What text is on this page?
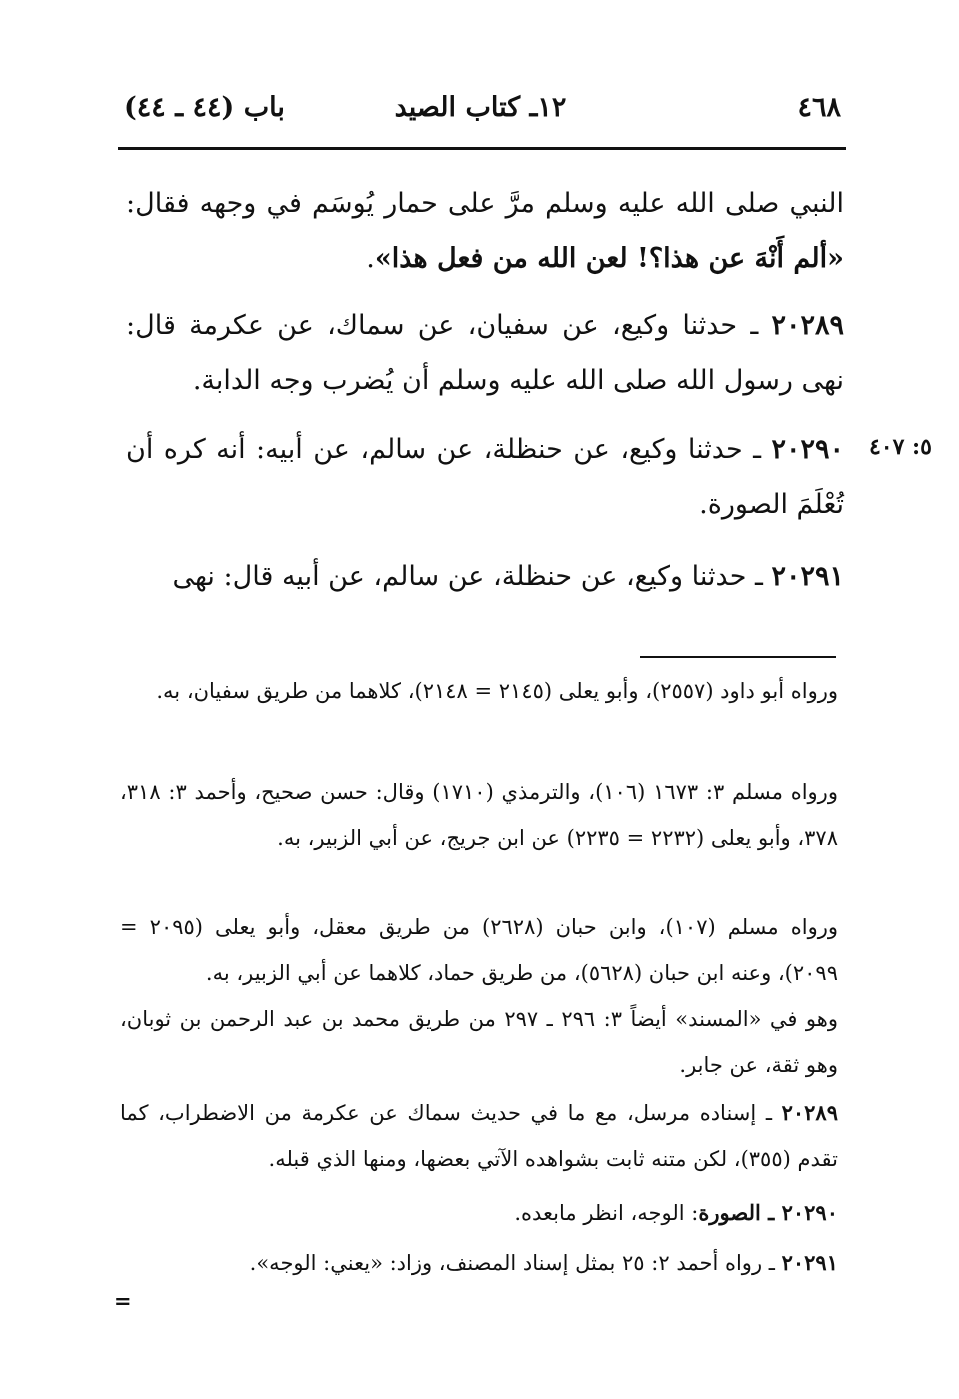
٤٦٨
١٢ـ كتاب الصيد
باب (٤٤ ـ ٤٤)

النبي صلى الله عليه وسلم مرَّ على حمار يُوسَم في وجهه فقال: «ألم أَنْهَ عن هذا؟! لعن الله من فعل هذا».

٢٠٢٨٩ ـ حدثنا وكيع، عن سفيان، عن سماك، عن عكرمة قال: نهى رسول الله صلى الله عليه وسلم أن يُضرب وجه الدابة.

٥: ٤٠٧

٢٠٢٩٠ ـ حدثنا وكيع، عن حنظلة، عن سالم، عن أبيه: أنه كره أن تُعْلَمَ الصورة.

٢٠٢٩١ ـ حدثنا وكيع، عن حنظلة، عن سالم، عن أبيه قال: نهى

ورواه أبو داود (٢٥٥٧)، وأبو يعلى (٢١٤٥ = ٢١٤٨)، كلاهما من طريق سفيان، به.

ورواه مسلم ٣: ١٦٧٣ (١٠٦)، والترمذي (١٧١٠) وقال: حسن صحيح، وأحمد ٣: ٣١٨، ٣٧٨، وأبو يعلى (٢٢٣٢ = ٢٢٣٥) عن ابن جريج، عن أبي الزبير، به.

ورواه مسلم (١٠٧)، وابن حبان (٢٦٢٨) من طريق معقل، وأبو يعلى (٢٠٩٥ = ٢٠٩٩)، وعنه ابن حبان (٥٦٢٨)، من طريق حماد، كلاهما عن أبي الزبير، به.

وهو في «المسند» أيضاً ٣: ٢٩٦ ـ ٢٩٧ من طريق محمد بن عبد الرحمن بن ثوبان، وهو ثقة، عن جابر.

٢٠٢٨٩ ـ إسناده مرسل، مع ما في حديث سماك عن عكرمة من الاضطراب، كما تقدم (٣٥٥)، لكن متنه ثابت بشواهده الآتي بعضها، ومنها الذي قبله.

٢٠٢٩٠ ـ الصورة: الوجه، انظر مابعده.

٢٠٢٩١ ـ رواه أحمد ٢: ٢٥ بمثل إسناد المصنف، وزاد: «يعني: الوجه».

=
